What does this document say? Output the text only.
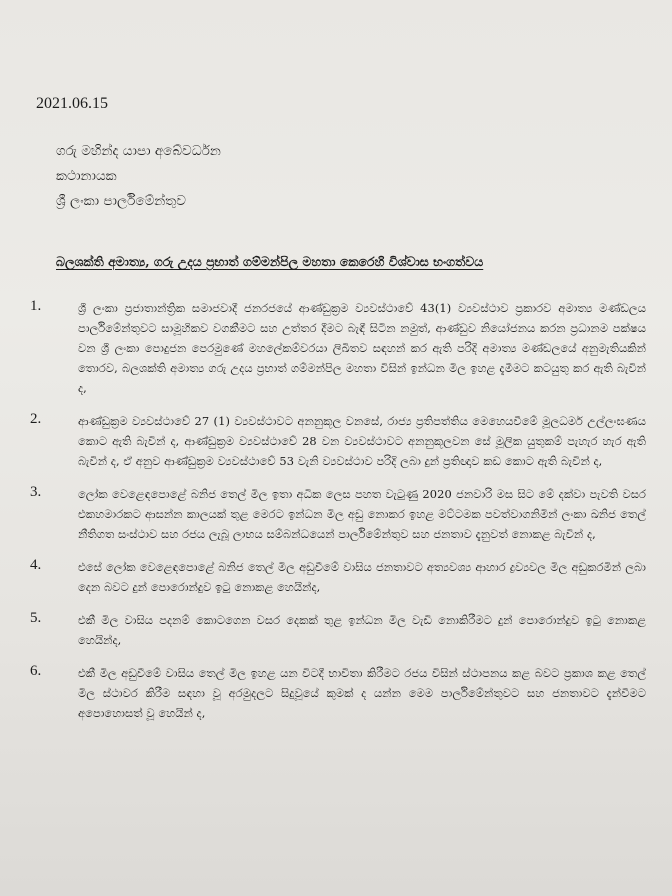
2021.06.15
ගරු මහින්ද යාපා අබේවර්ධන
කථානායක
ශ්‍රී ලංකා පාර්ලිමේන්තුව
බලශක්ති අමාත්‍ය, ගරු උදය ප්‍රභාත් ගම්මන්පිල මහතා කෙරෙහි විශ්වාස භංගත්වය
1.	ශ්‍රී ලංකා ප්‍රජාතාන්ත්‍රික සමාජවාදී ජනරජයේ ආණ්ඩුක්‍රම ව්‍යවස්ථාවේ 43(1) ව්‍යවස්ථාව ප්‍රකාරව අමාත්‍ය මණ්ඩලය පාර්ලිමේන්තුවට සාමූහිකව වගකීමට සහ උත්තර දීමට බැඳී සිටින නමුත්, ආණ්ඩුව නියෝජනය කරන ප්‍රධානම පක්ෂය වන ශ්‍රී ලංකා පොදුජන පෙරමුණේ මහලේකම්වරයා ලිඛිතව සඳහන් කර ඇති පරිදි අමාත්‍ය මණ්ඩලයේ අනුමැතියකින් තොරව, බලශක්ති අමාත්‍ය ගරු උදය ප්‍රභාත් ගම්මන්පිල මහතා විසින් ඉන්ධන මිල ඉහළ දැමීමට කටයුතු කර ඇති බැවින් ද,
2.	ආණ්ඩුක්‍රම ව්‍යවස්ථාවේ 27 (1) ව්‍යවස්ථාවට අනනුකූල වනසේ, රාජ්‍ය ප්‍රතිපත්තිය මෙහෙයවීමේ මූලධර්ම උල්ලංඝණය කොට ඇති බැවින් ද, ආණ්ඩුක්‍රම ව්‍යවස්ථාවේ 28 වන ව්‍යවස්ථාවට අනනුකූලවන සේ මූලික යුතුකම් පැහැර හැර ඇති බැවින් ද, ඒ අනුව ආණ්ඩුක්‍රම ව්‍යවස්ථාවේ 53 වැනි ව්‍යවස්ථාව පරිදි ලබා දුන් ප්‍රතිඥාව කඩ කොට ඇති බැවින් ද,
3.	ලෝක වෙළෙඳපොළේ බනිජ තෙල් මිල ඉතා අධික ලෙස පහත වැටුණු 2020 ජනවාරි මස සිට මේ දක්වා පැවති වසර එකහමාරකට ආසන්න කාලයක් තුළ මෙරට ඉන්ධන මිල අඩු නොකර ඉහළ මට්ටමක පවත්වාගනිමින් ලංකා ඛනිජ තෙල් නීතිගත සංස්ථාව සහ රජය ලැබූ ලාභය සම්බන්ධයෙන් පාර්ලිමේන්තුව සහ ජනතාව දැනුවත් නොකළ බැවින් ද,
4.	එසේ ලෝක වෙළෙඳපොළේ බනිජ තෙල් මිල අඩුවීමේ වාසිය ජනතාවට අත්‍යවශ්‍ය ආහාර ද්‍රව්‍යවල මිල අඩුකරමින් ලබා දෙන බවට දුන් පොරොන්දුව ඉටු නොකළ හෙයින්ද,
5.	එකී මිල වාසිය පදනම් කොටගෙන වසර දෙකක් තුළ ඉන්ධන මිල වැඩි නොකිරීමට දුන් පොරොන්දුව ඉටු නොකළ හෙයින්ද,
6.	එකී මිල අඩුවීමේ වාසිය තෙල් මිල ඉහළ යන විටදී භාවිතා කිරීමට රජය විසින් ස්ථාපනය කළ බවට ප්‍රකාශ කළ තෙල් මිල ස්ථාවර කිරීම සඳහා වූ අරමුදලට සිදුවූයේ කුමක් ද යන්න මෙම පාර්ලිමේන්තුවට සහ ජනතාවට දැන්වීමට අපොහොසත් වූ හෙයින් ද,
